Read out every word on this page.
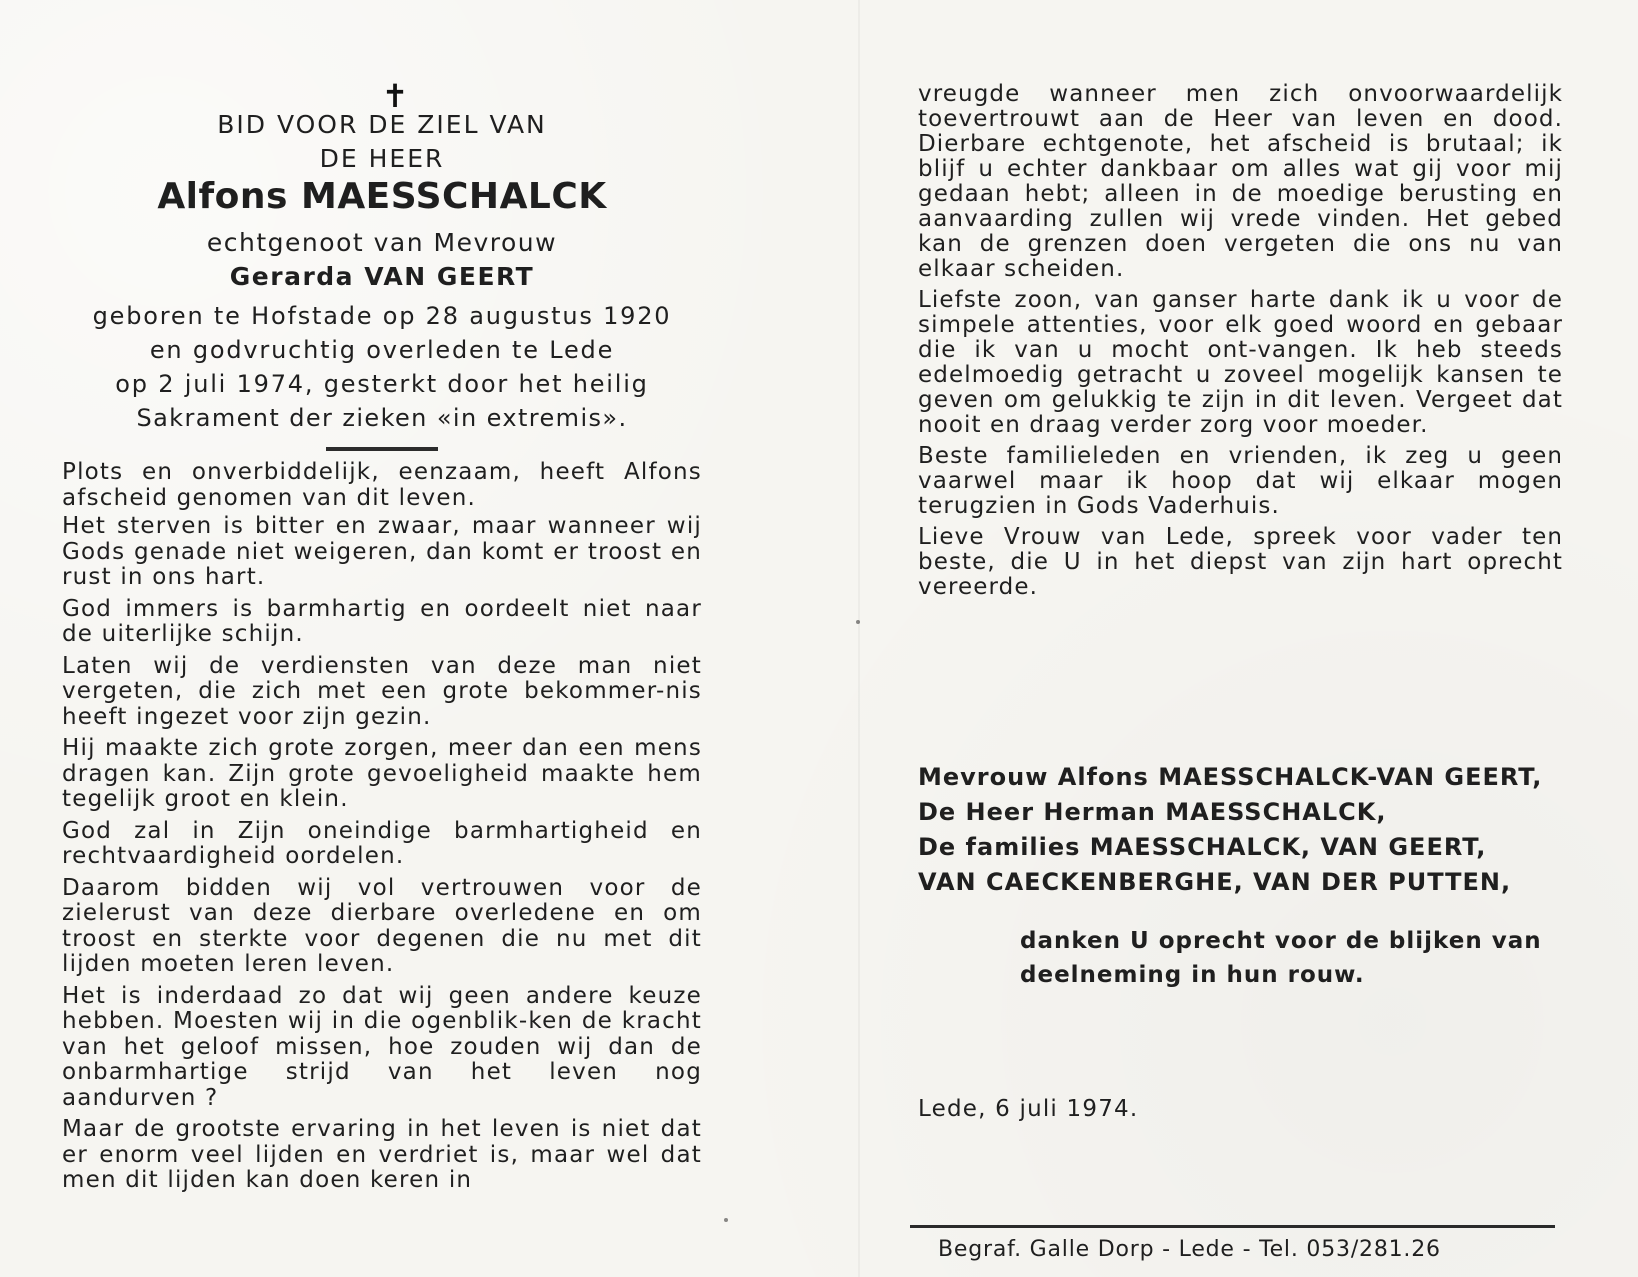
✝
BID VOOR DE ZIEL VAN
DE HEER
Alfons MAESSCHALCK
echtgenoot van Mevrouw
Gerarda VAN GEERT
geboren te Hofstade op 28 augustus 1920
en godvruchtig overleden te Lede
op 2 juli 1974, gesterkt door het heilig
Sakrament der zieken «in extremis».

Plots en onverbiddelijk, eenzaam, heeft Alfons afscheid genomen van dit leven.

Het sterven is bitter en zwaar, maar wanneer wij Gods genade niet weigeren, dan komt er troost en rust in ons hart.

God immers is barmhartig en oordeelt niet naar de uiterlijke schijn.

Laten wij de verdiensten van deze man niet vergeten, die zich met een grote bekommer-nis heeft ingezet voor zijn gezin.

Hij maakte zich grote zorgen, meer dan een mens dragen kan. Zijn grote gevoeligheid maakte hem tegelijk groot en klein.

God zal in Zijn oneindige barmhartigheid en rechtvaardigheid oordelen.

Daarom bidden wij vol vertrouwen voor de zielerust van deze dierbare overledene en om troost en sterkte voor degenen die nu met dit lijden moeten leren leven.

Het is inderdaad zo dat wij geen andere keuze hebben. Moesten wij in die ogenblik-ken de kracht van het geloof missen, hoe zouden wij dan de onbarmhartige strijd van het leven nog aandurven ?

Maar de grootste ervaring in het leven is niet dat er enorm veel lijden en verdriet is, maar wel dat men dit lijden kan doen keren in

vreugde wanneer men zich onvoorwaardelijk toevertrouwt aan de Heer van leven en dood. Dierbare echtgenote, het afscheid is brutaal; ik blijf u echter dankbaar om alles wat gij voor mij gedaan hebt; alleen in de moedige berusting en aanvaarding zullen wij vrede vinden. Het gebed kan de grenzen doen vergeten die ons nu van elkaar scheiden.

Liefste zoon, van ganser harte dank ik u voor de simpele attenties, voor elk goed woord en gebaar die ik van u mocht ont-vangen. Ik heb steeds edelmoedig getracht u zoveel mogelijk kansen te geven om gelukkig te zijn in dit leven. Vergeet dat nooit en draag verder zorg voor moeder.

Beste familieleden en vrienden, ik zeg u geen vaarwel maar ik hoop dat wij elkaar mogen terugzien in Gods Vaderhuis.

Lieve Vrouw van Lede, spreek voor vader ten beste, die U in het diepst van zijn hart oprecht vereerde.

Mevrouw Alfons MAESSCHALCK-VAN GEERT,
De Heer Herman MAESSCHALCK,
De families MAESSCHALCK, VAN GEERT,
VAN CAECKENBERGHE, VAN DER PUTTEN,
danken U oprecht voor de blijken van
deelneming in hun rouw.
Lede, 6 juli 1974.
Begraf. Galle Dorp - Lede - Tel. 053/281.26
